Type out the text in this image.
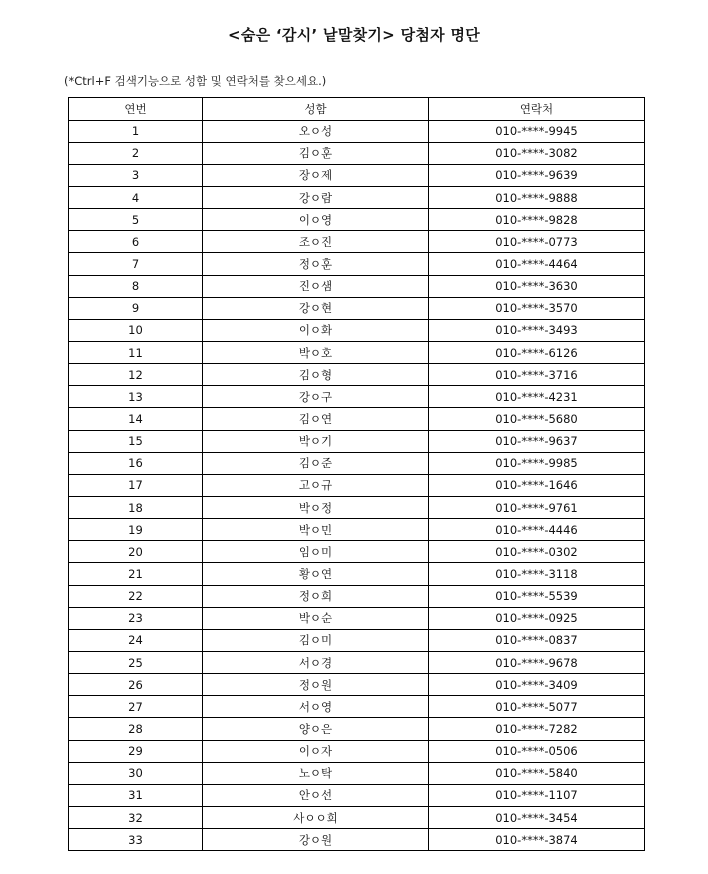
<숨은 ‘감시’ 낱말찾기> 당첨자 명단
(*Ctrl+F 검색기능으로 성함 및 연락처를 찾으세요.)
연번	성함	연락처
1	오ㅇ성	010-****-9945
2	김ㅇ훈	010-****-3082
3	장ㅇ제	010-****-9639
4	강ㅇ람	010-****-9888
5	이ㅇ영	010-****-9828
6	조ㅇ진	010-****-0773
7	정ㅇ훈	010-****-4464
8	진ㅇ샘	010-****-3630
9	강ㅇ현	010-****-3570
10	이ㅇ화	010-****-3493
11	박ㅇ호	010-****-6126
12	김ㅇ형	010-****-3716
13	강ㅇ구	010-****-4231
14	김ㅇ연	010-****-5680
15	박ㅇ기	010-****-9637
16	김ㅇ준	010-****-9985
17	고ㅇ규	010-****-1646
18	박ㅇ정	010-****-9761
19	박ㅇ민	010-****-4446
20	임ㅇ미	010-****-0302
21	황ㅇ연	010-****-3118
22	정ㅇ희	010-****-5539
23	박ㅇ순	010-****-0925
24	김ㅇ미	010-****-0837
25	서ㅇ경	010-****-9678
26	정ㅇ원	010-****-3409
27	서ㅇ영	010-****-5077
28	양ㅇ은	010-****-7282
29	이ㅇ자	010-****-0506
30	노ㅇ탁	010-****-5840
31	안ㅇ선	010-****-1107
32	사ㅇㅇ희	010-****-3454
33	강ㅇ원	010-****-3874
